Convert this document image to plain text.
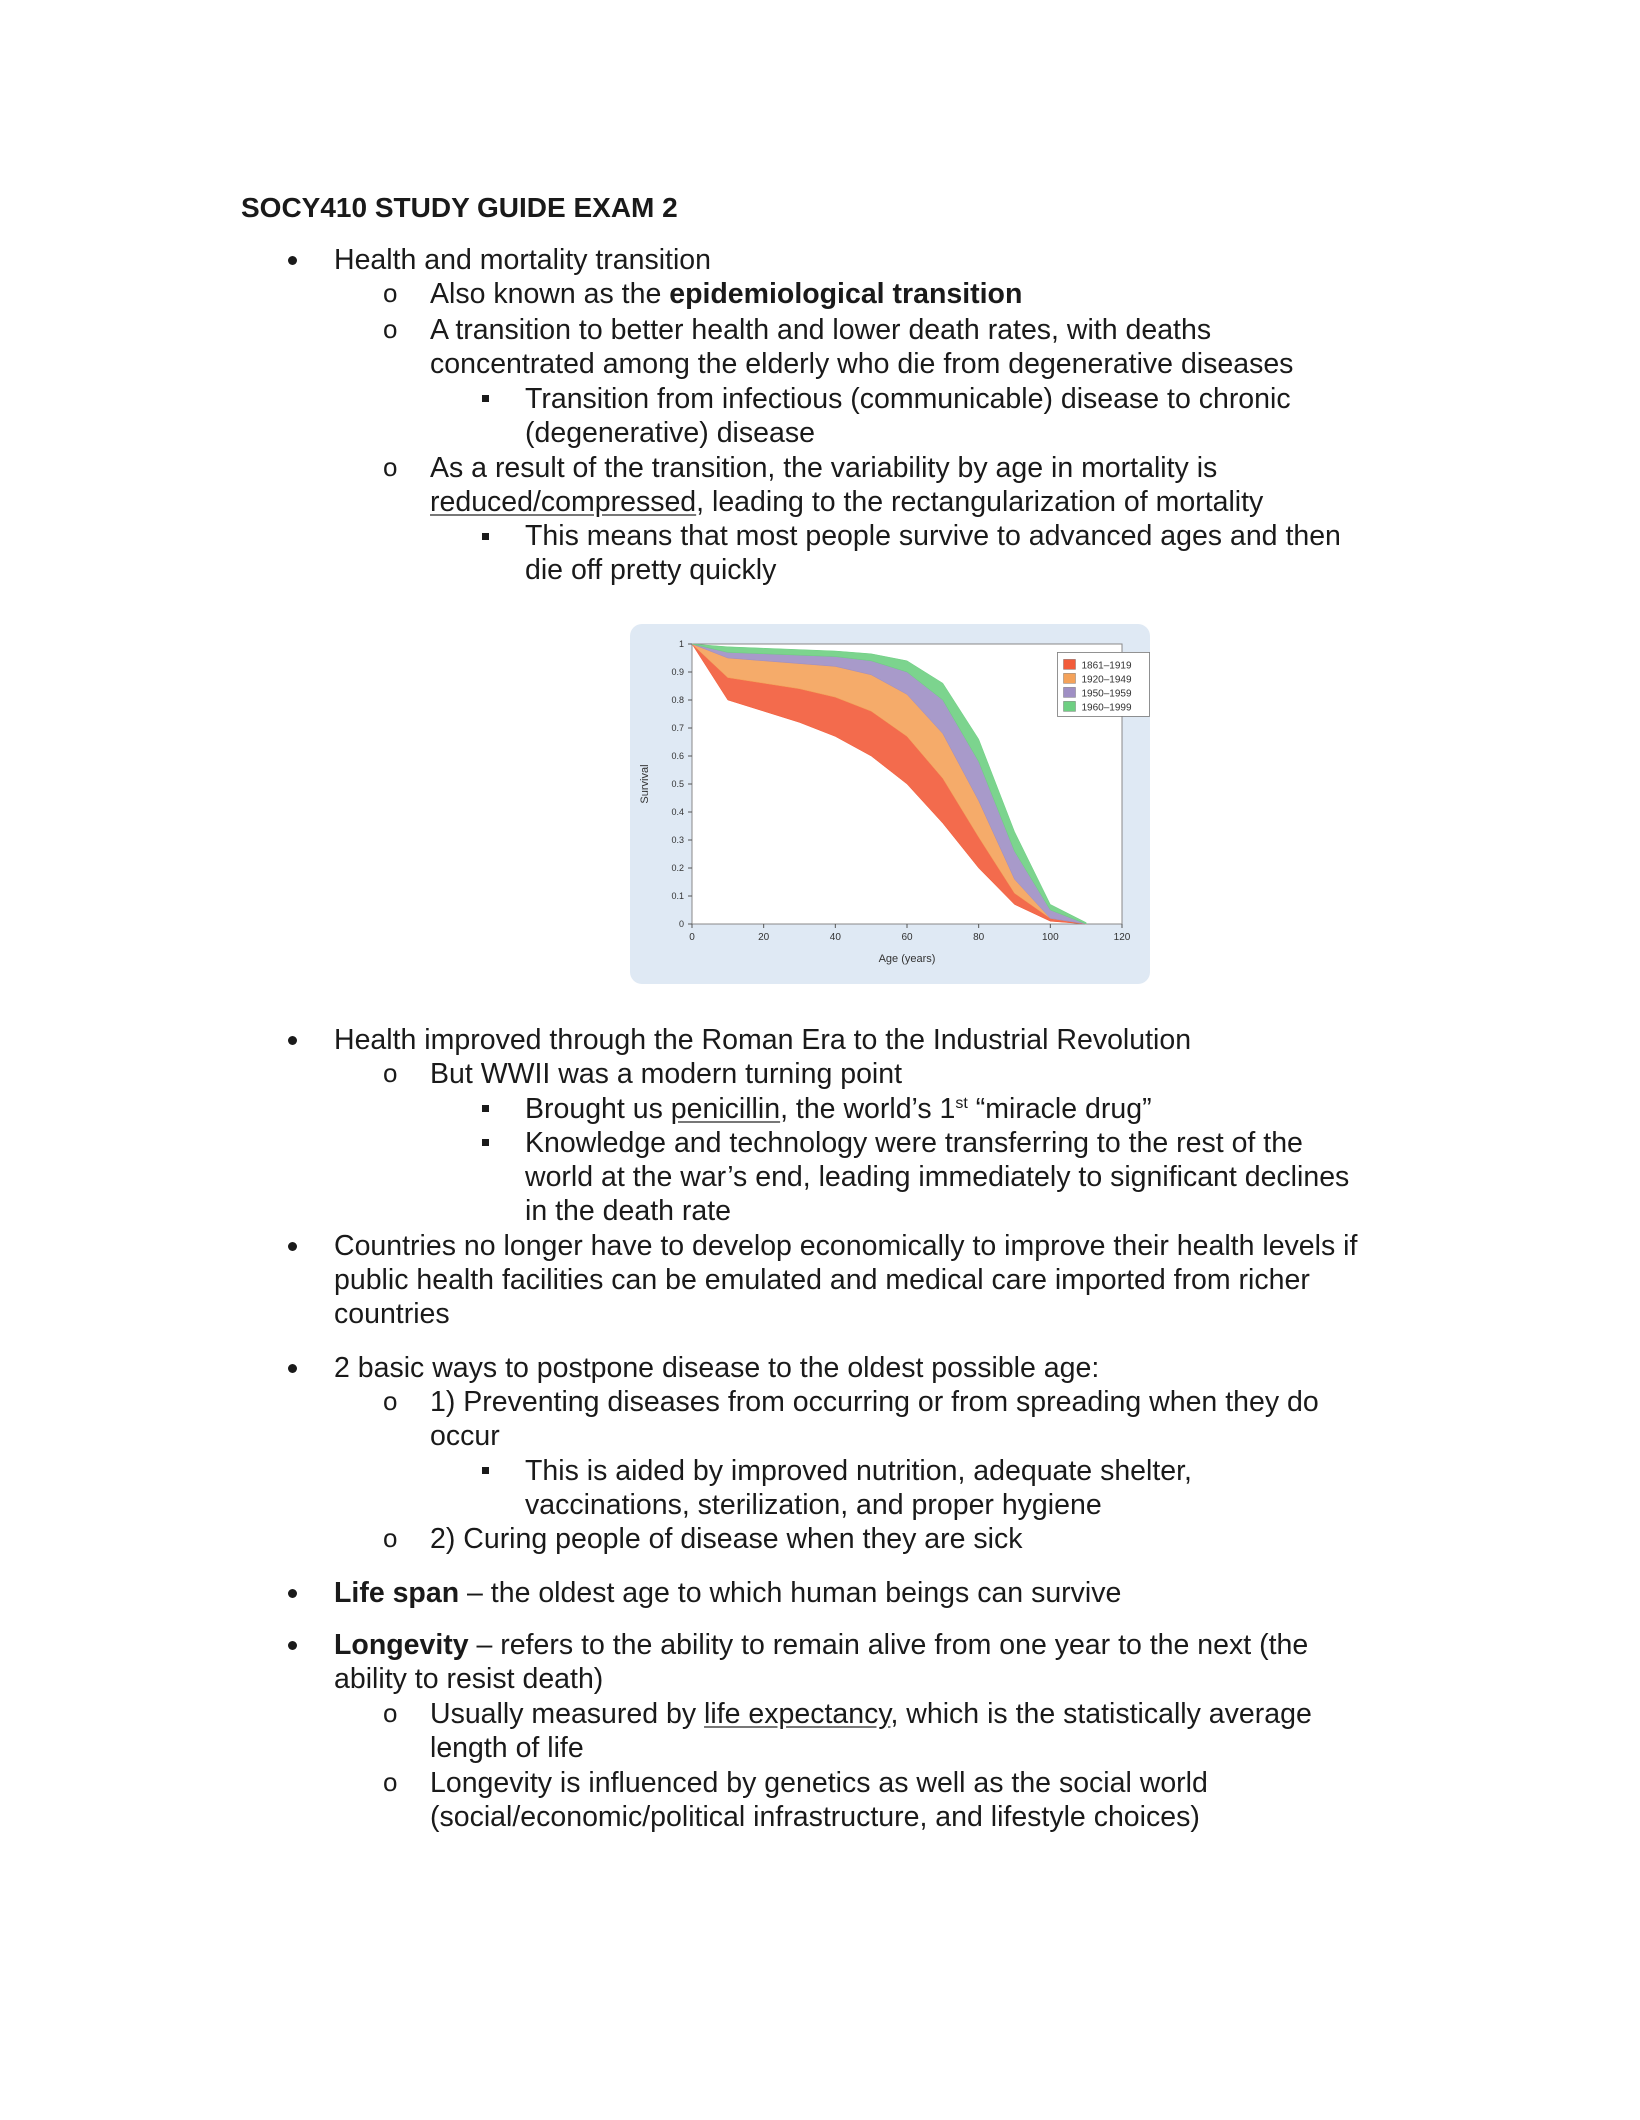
SOCY410 STUDY GUIDE EXAM 2
Health and mortality transition
o Also known as the epidemiological transition
o A transition to better health and lower death rates, with deaths
concentrated among the elderly who die from degenerative diseases
Transition from infectious (communicable) disease to chronic
(degenerative) disease
o As a result of the transition, the variability by age in mortality is
reduced/compressed, leading to the rectangularization of mortality
This means that most people survive to advanced ages and then
die off pretty quickly
0	20	40	60	80	100	120
0
0.1
0.2
0.3
0.4
0.5
0.6
0.7
0.8
0.9
1
1861–1919
1920–1949
1950–1959
1960–1999
Survival
Age (years)
Health improved through the Roman Era to the Industrial Revolution
o But WWII was a modern turning point
Brought us penicillin, the world’s 1st “miracle drug”
Knowledge and technology were transferring to the rest of the
world at the war’s end, leading immediately to significant declines
in the death rate
Countries no longer have to develop economically to improve their health levels if
public health facilities can be emulated and medical care imported from richer
countries
2 basic ways to postpone disease to the oldest possible age:
o 1) Preventing diseases from occurring or from spreading when they do
occur
This is aided by improved nutrition, adequate shelter,
vaccinations, sterilization, and proper hygiene
o 2) Curing people of disease when they are sick
Life span – the oldest age to which human beings can survive
Longevity – refers to the ability to remain alive from one year to the next (the
ability to resist death)
o Usually measured by life expectancy, which is the statistically average
length of life
o Longevity is influenced by genetics as well as the social world
(social/economic/political infrastructure, and lifestyle choices)
